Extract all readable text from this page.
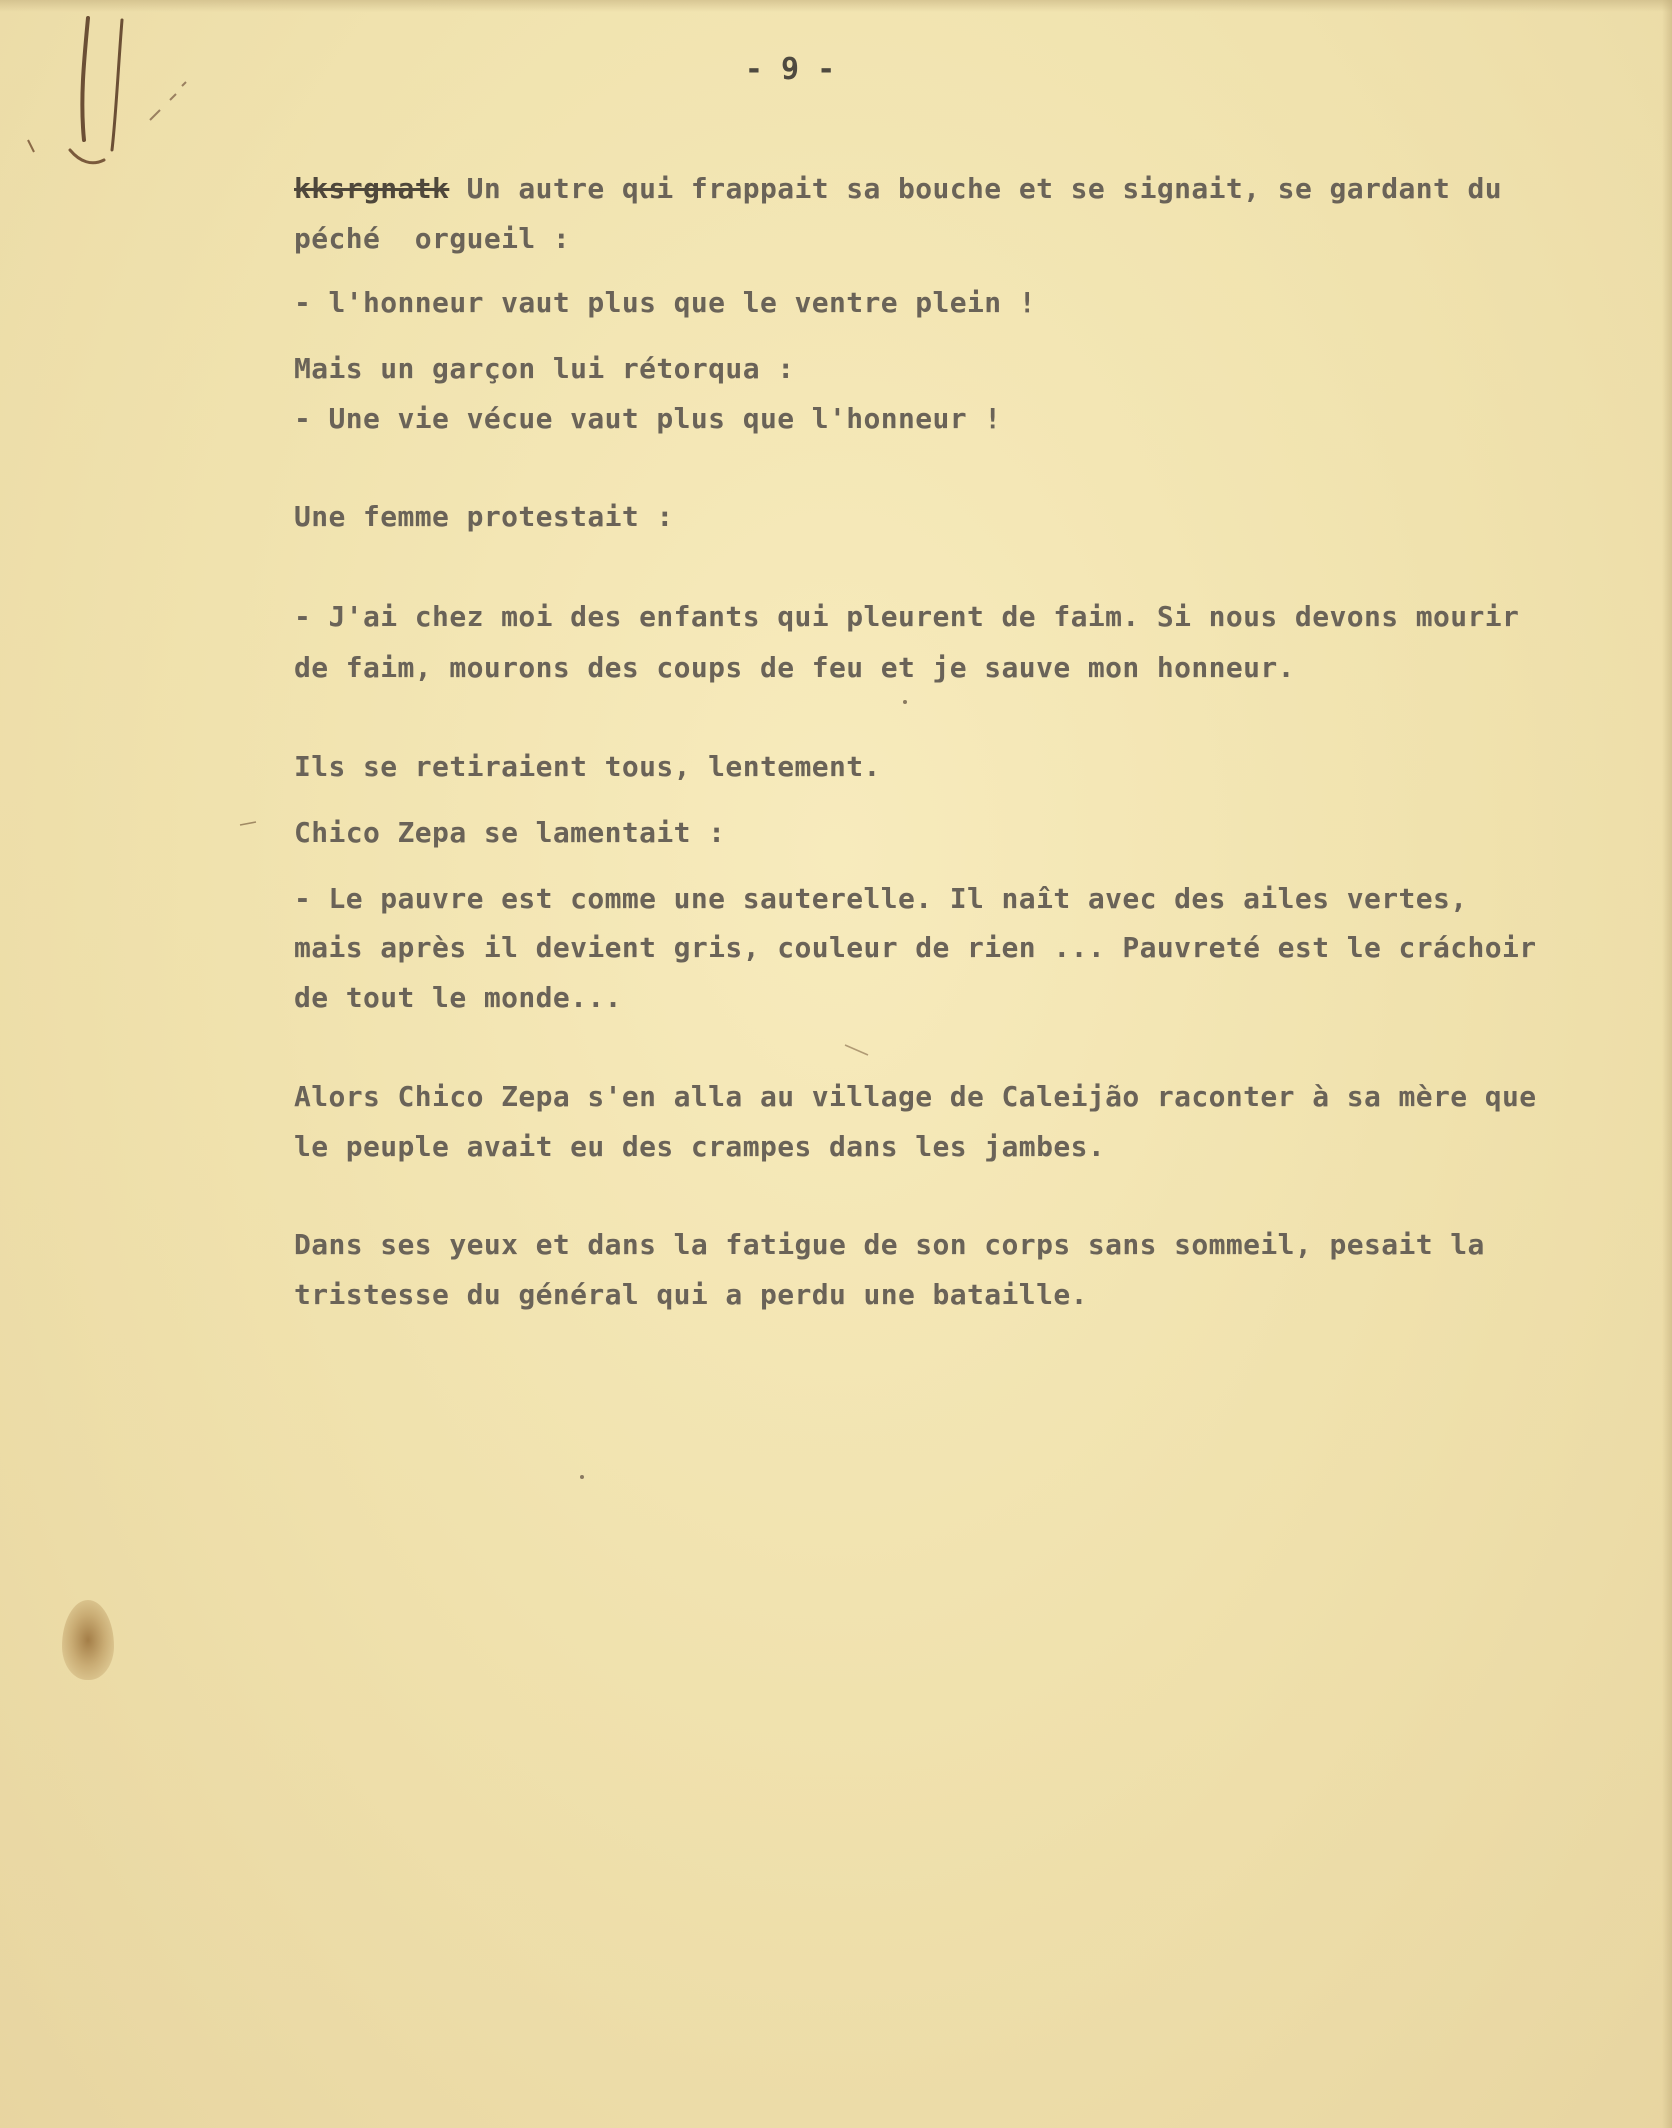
- 9 -

kksrgnatk Un autre qui frappait sa bouche et se signait, se gardant du

péché  orgueil :

- l'honneur vaut plus que le ventre plein !

Mais un garçon lui rétorqua :

- Une vie vécue vaut plus que l'honneur !

Une femme protestait :

- J'ai chez moi des enfants qui pleurent de faim. Si nous devons mourir

de faim, mourons des coups de feu et je sauve mon honneur.

Ils se retiraient tous, lentement.

Chico Zepa se lamentait :

- Le pauvre est comme une sauterelle. Il naît avec des ailes vertes,

mais après il devient gris, couleur de rien ... Pauvreté est le cráchoir

de tout le monde...

Alors Chico Zepa s'en alla au village de Caleijão raconter à sa mère que

le peuple avait eu des crampes dans les jambes.

Dans ses yeux et dans la fatigue de son corps sans sommeil, pesait la

tristesse du général qui a perdu une bataille.
